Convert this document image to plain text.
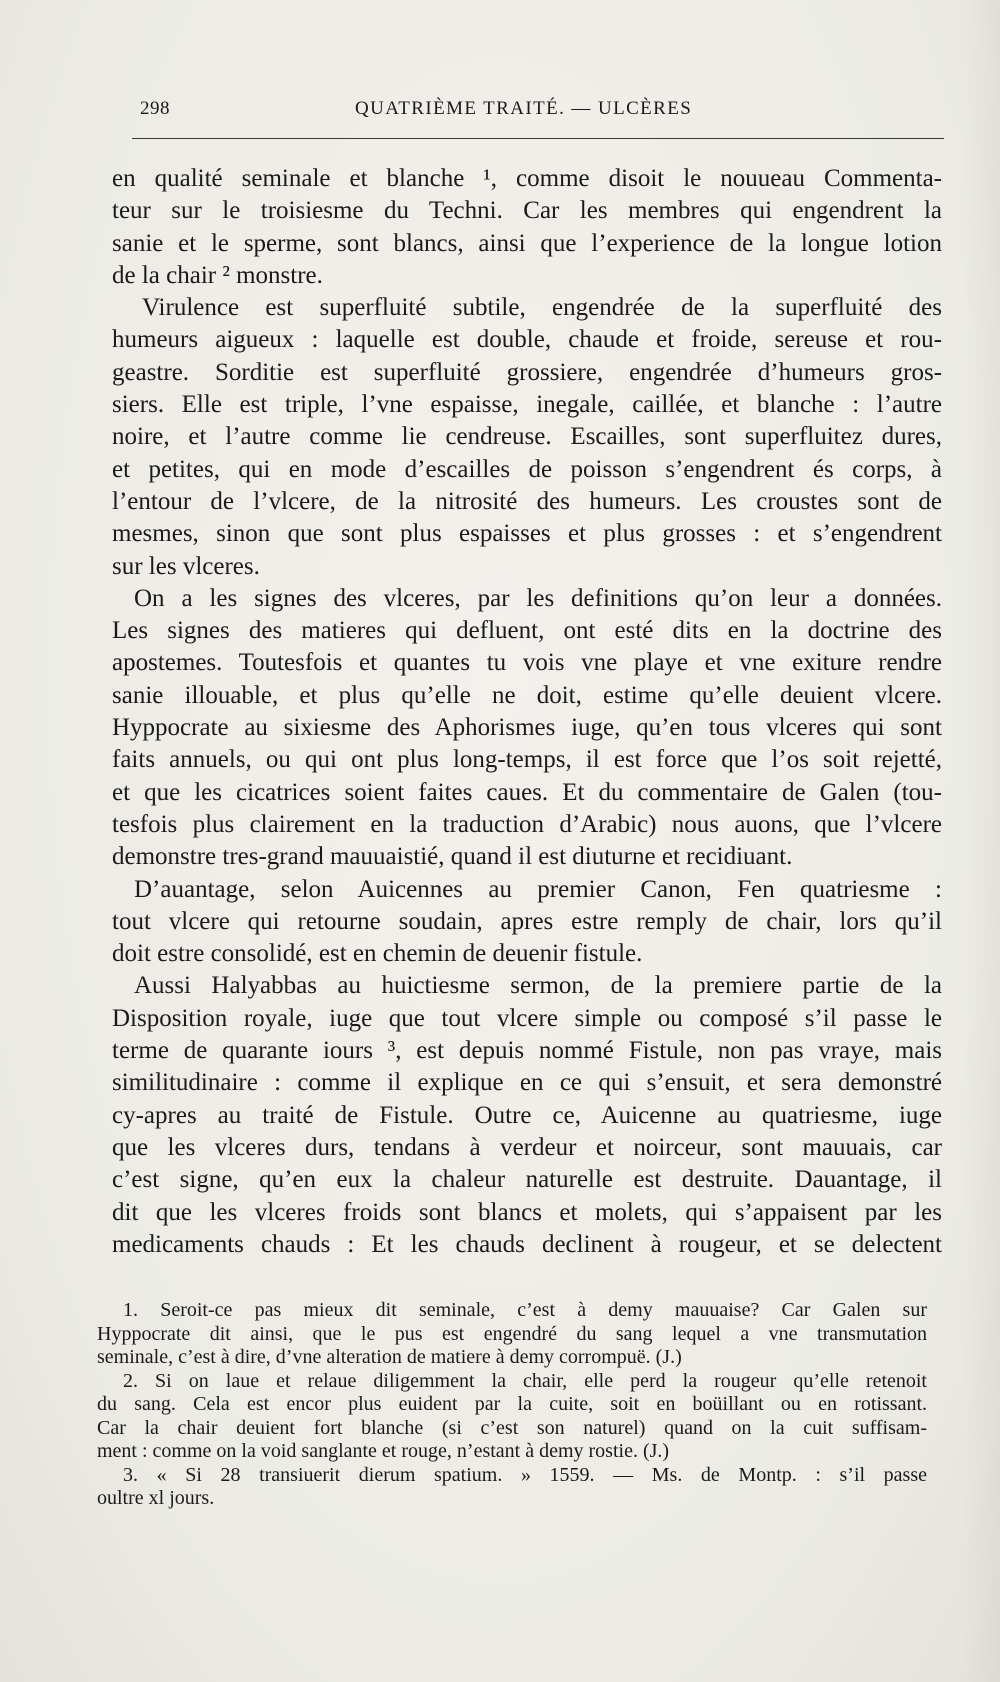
298	QUATRIÈME TRAITÉ. — ULCÈRES
en qualité seminale et blanche ¹, comme disoit le nouueau Commenta-
teur sur le troisiesme du Techni. Car les membres qui engendrent la
sanie et le sperme, sont blancs, ainsi que l’experience de la longue lotion
de la chair ² monstre.
Virulence est superfluité subtile, engendrée de la superfluité des
humeurs aigueux : laquelle est double, chaude et froide, sereuse et rou-
geastre. Sorditie est superfluité grossiere, engendrée d’humeurs gros-
siers. Elle est triple, l’vne espaisse, inegale, caillée, et blanche : l’autre
noire, et l’autre comme lie cendreuse. Escailles, sont superfluitez dures,
et petites, qui en mode d’escailles de poisson s’engendrent és corps, à
l’entour de l’vlcere, de la nitrosité des humeurs. Les croustes sont de
mesmes, sinon que sont plus espaisses et plus grosses : et s’engendrent
sur les vlceres.
On a les signes des vlceres, par les definitions qu’on leur a données.
Les signes des matieres qui defluent, ont esté dits en la doctrine des
apostemes. Toutesfois et quantes tu vois vne playe et vne exiture rendre
sanie illouable, et plus qu’elle ne doit, estime qu’elle deuient vlcere.
Hyppocrate au sixiesme des Aphorismes iuge, qu’en tous vlceres qui sont
faits annuels, ou qui ont plus long-temps, il est force que l’os soit rejetté,
et que les cicatrices soient faites caues. Et du commentaire de Galen (tou-
tesfois plus clairement en la traduction d’Arabic) nous auons, que l’vlcere
demonstre tres-grand mauuaistié, quand il est diuturne et recidiuant.
D’auantage, selon Auicennes au premier Canon, Fen quatriesme :
tout vlcere qui retourne soudain, apres estre remply de chair, lors qu’il
doit estre consolidé, est en chemin de deuenir fistule.
Aussi Halyabbas au huictiesme sermon, de la premiere partie de la
Disposition royale, iuge que tout vlcere simple ou composé s’il passe le
terme de quarante iours ³, est depuis nommé Fistule, non pas vraye, mais
similitudinaire : comme il explique en ce qui s’ensuit, et sera demonstré
cy-apres au traité de Fistule. Outre ce, Auicenne au quatriesme, iuge
que les vlceres durs, tendans à verdeur et noirceur, sont mauuais, car
c’est signe, qu’en eux la chaleur naturelle est destruite. Dauantage, il
dit que les vlceres froids sont blancs et molets, qui s’appaisent par les
medicaments chauds : Et les chauds declinent à rougeur, et se delectent
1. Seroit-ce pas mieux dit seminale, c’est à demy mauuaise? Car Galen sur
Hyppocrate dit ainsi, que le pus est engendré du sang lequel a vne transmutation
seminale, c’est à dire, d’vne alteration de matiere à demy corrompuë. (J.)
2. Si on laue et relaue diligemment la chair, elle perd la rougeur qu’elle retenoit
du sang. Cela est encor plus euident par la cuite, soit en boüillant ou en rotissant.
Car la chair deuient fort blanche (si c’est son naturel) quand on la cuit suffisam-
ment : comme on la void sanglante et rouge, n’estant à demy rostie. (J.)
3. « Si 28 transiuerit dierum spatium. » 1559. — Ms. de Montp. : s’il passe
oultre xl jours.
